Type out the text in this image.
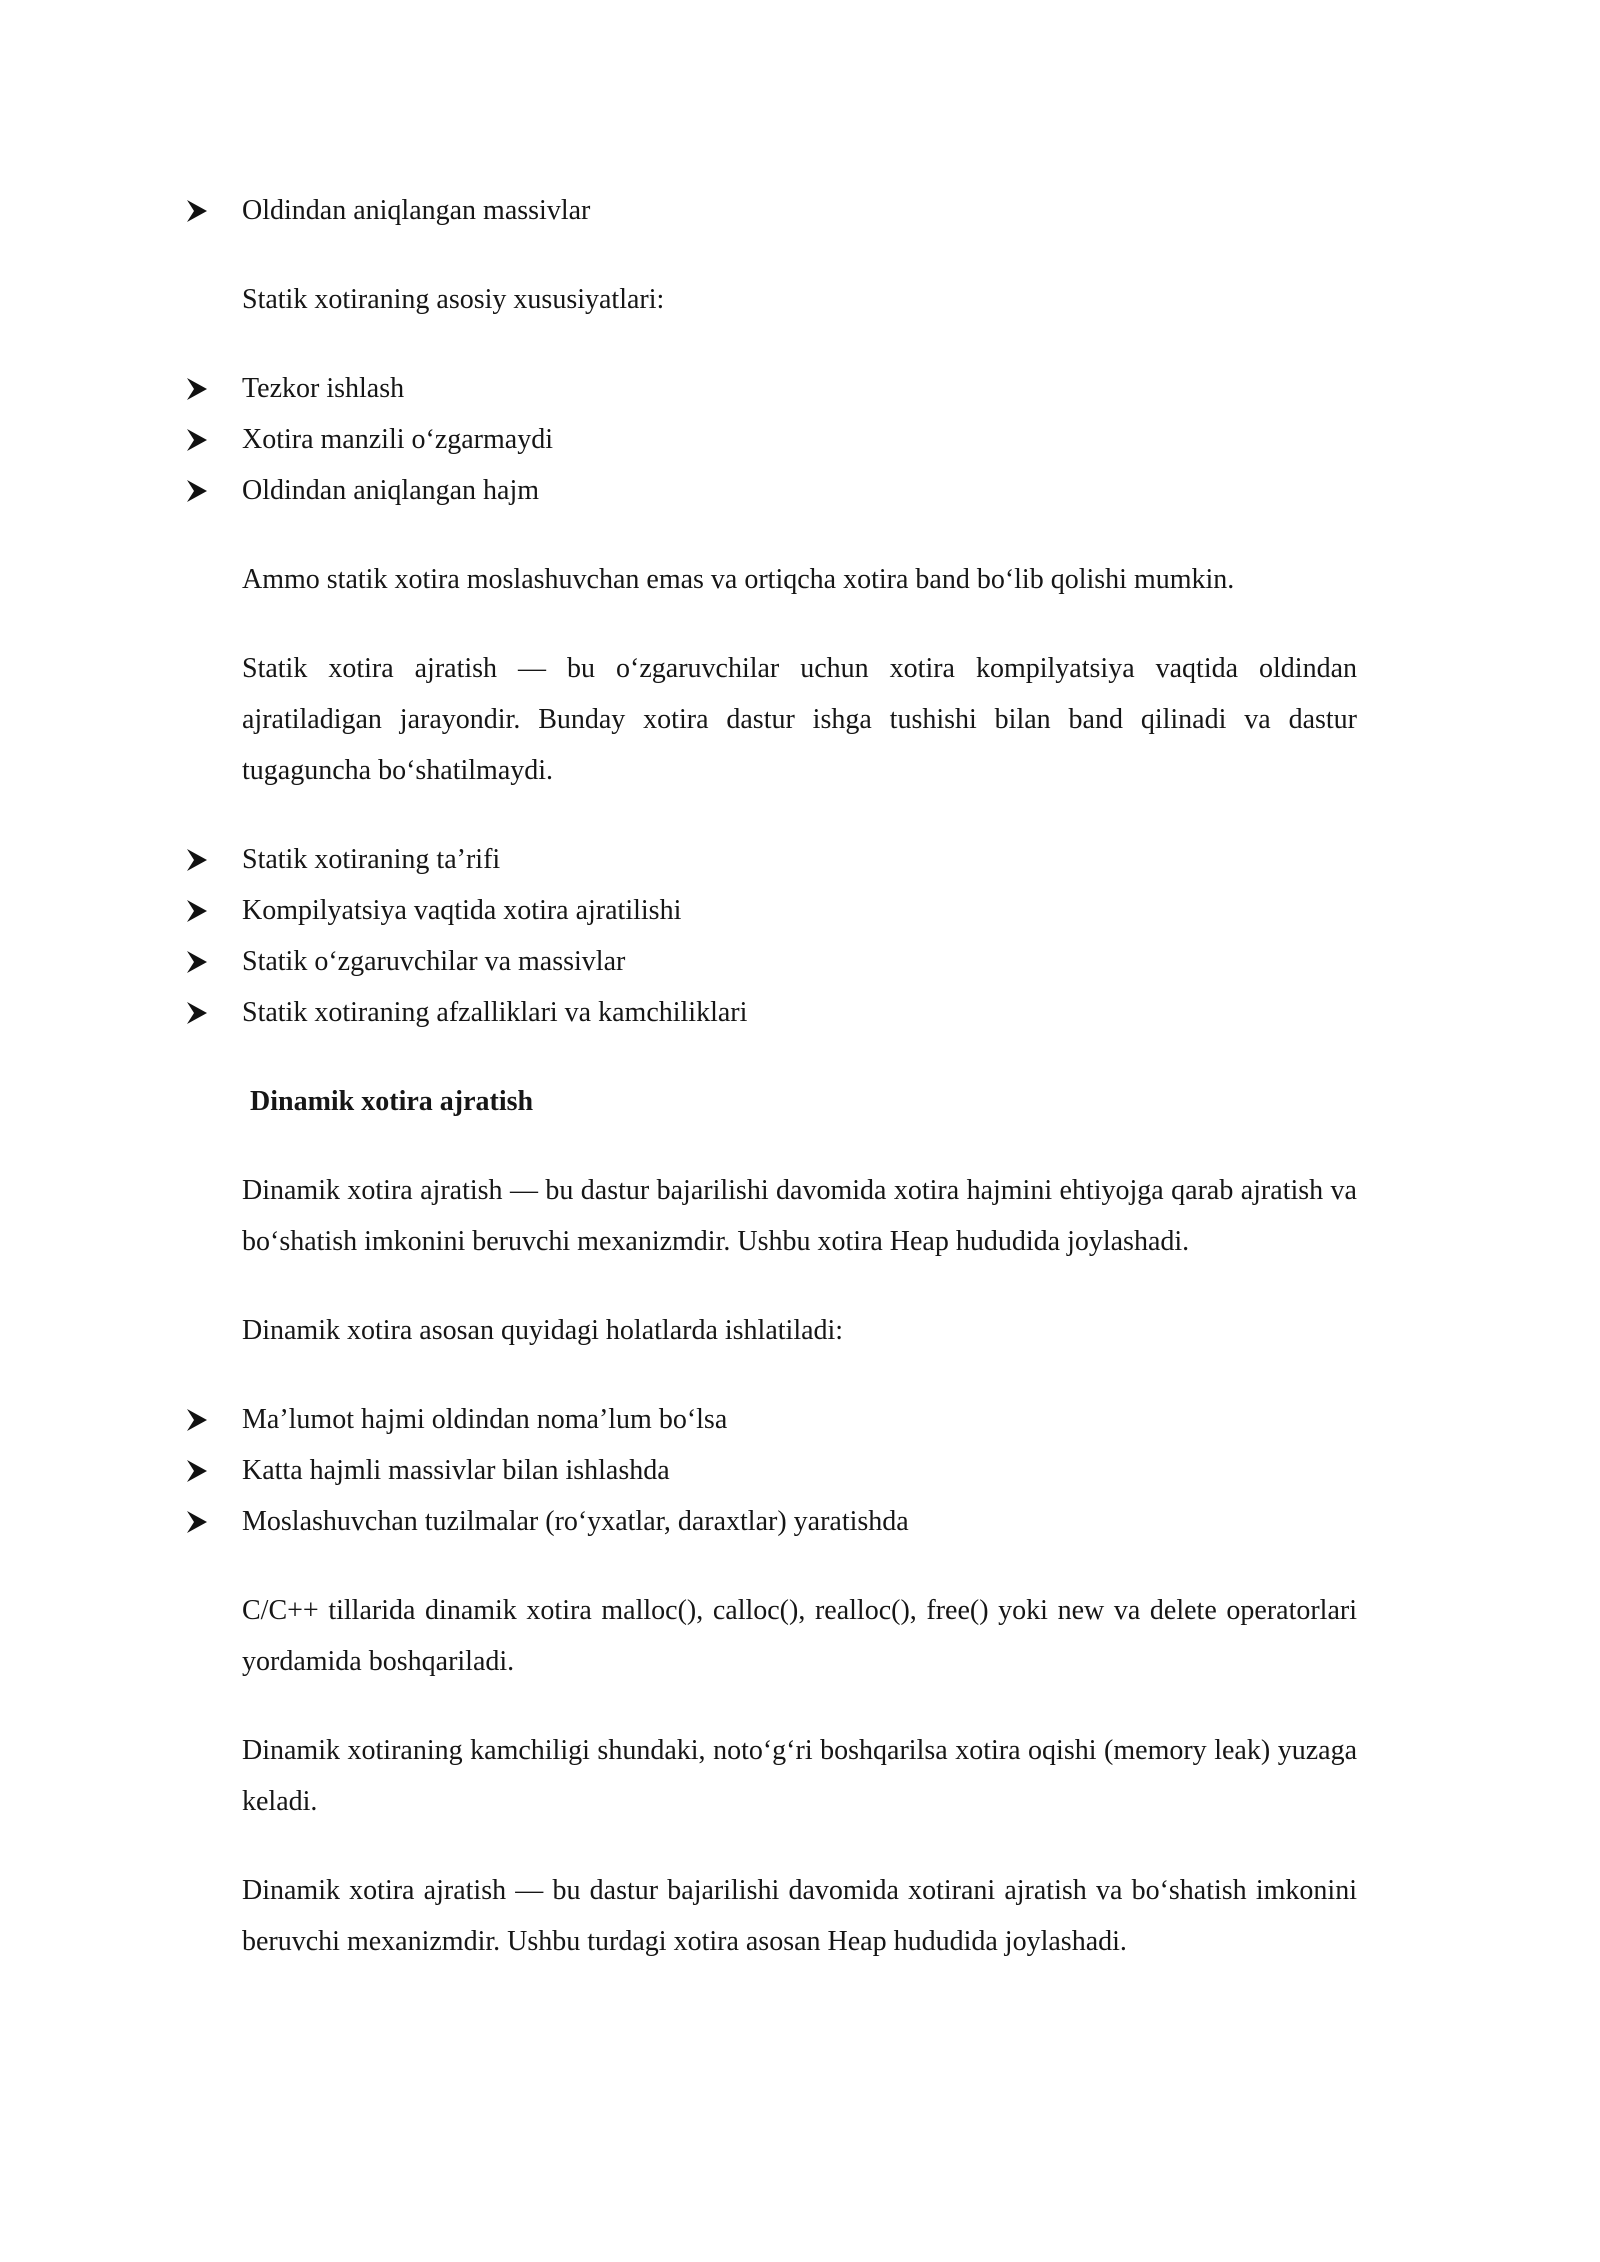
Oldindan aniqlangan massivlar

Statik xotiraning asosiy xususiyatlari:

Tezkor ishlash
Xotira manzili o‘zgarmaydi
Oldindan aniqlangan hajm

Ammo statik xotira moslashuvchan emas va ortiqcha xotira band bo‘lib qolishi mumkin.

Statik xotira ajratish — bu o‘zgaruvchilar uchun xotira kompilyatsiya vaqtida oldindan ajratiladigan jarayondir. Bunday xotira dastur ishga tushishi bilan band qilinadi va dastur tugaguncha bo‘shatilmaydi.

Statik xotiraning ta’rifi
Kompilyatsiya vaqtida xotira ajratilishi
Statik o‘zgaruvchilar va massivlar
Statik xotiraning afzalliklari va kamchiliklari
Dinamik xotira ajratish

Dinamik xotira ajratish — bu dastur bajarilishi davomida xotira hajmini ehtiyojga qarab ajratish va bo‘shatish imkonini beruvchi mexanizmdir. Ushbu xotira Heap hududida joylashadi.

Dinamik xotira asosan quyidagi holatlarda ishlatiladi:

Ma’lumot hajmi oldindan noma’lum bo‘lsa
Katta hajmli massivlar bilan ishlashda
Moslashuvchan tuzilmalar (ro‘yxatlar, daraxtlar) yaratishda

C/C++ tillarida dinamik xotira malloc(), calloc(), realloc(), free() yoki new va delete operatorlari yordamida boshqariladi.

Dinamik xotiraning kamchiligi shundaki, noto‘g‘ri boshqarilsa xotira oqishi (memory leak) yuzaga keladi.

Dinamik xotira ajratish — bu dastur bajarilishi davomida xotirani ajratish va bo‘shatish imkonini beruvchi mexanizmdir. Ushbu turdagi xotira asosan Heap hududida joylashadi.
